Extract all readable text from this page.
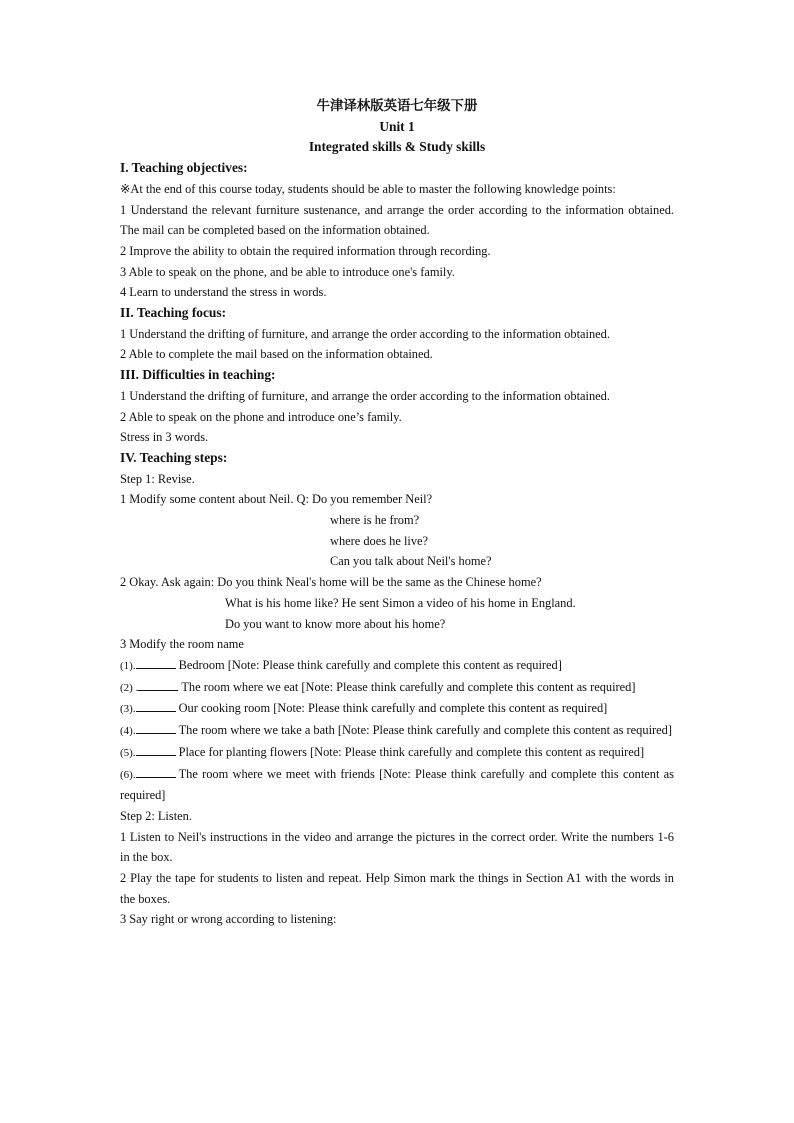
牛津译林版英语七年级下册
Unit 1
Integrated skills & Study skills
I. Teaching objectives:
※At the end of this course today, students should be able to master the following knowledge points:
1 Understand the relevant furniture sustenance, and arrange the order according to the information obtained. The mail can be completed based on the information obtained.
2 Improve the ability to obtain the required information through recording.
3 Able to speak on the phone, and be able to introduce one's family.
4 Learn to understand the stress in words.
II. Teaching focus:
1 Understand the drifting of furniture, and arrange the order according to the information obtained.
2 Able to complete the mail based on the information obtained.
III. Difficulties in teaching:
1 Understand the drifting of furniture, and arrange the order according to the information obtained.
2 Able to speak on the phone and introduce one’s family.
Stress in 3 words.
IV. Teaching steps:
Step 1: Revise.
1 Modify some content about Neil. Q: Do you remember Neil?
where is he from?
where does he live?
Can you talk about Neil's home?
2 Okay. Ask again: Do you think Neal's home will be the same as the Chinese home?
What is his home like? He sent Simon a video of his home in England.
Do you want to know more about his home?
3 Modify the room name
(1).	Bedroom [Note: Please think carefully and complete this content as required]
(2) .	The room where we eat [Note: Please think carefully and complete this content as required]
(3).	Our cooking room [Note: Please think carefully and complete this content as required]
(4).	The room where we take a bath [Note: Please think carefully and complete this content as required]
(5).	Place for planting flowers [Note: Please think carefully and complete this content as required]
(6).	The room where we meet with friends [Note: Please think carefully and complete this content as required]
Step 2: Listen.
1 Listen to Neil's instructions in the video and arrange the pictures in the correct order. Write the numbers 1-6 in the box.
2 Play the tape for students to listen and repeat. Help Simon mark the things in Section A1 with the words in the boxes.
3 Say right or wrong according to listening:
